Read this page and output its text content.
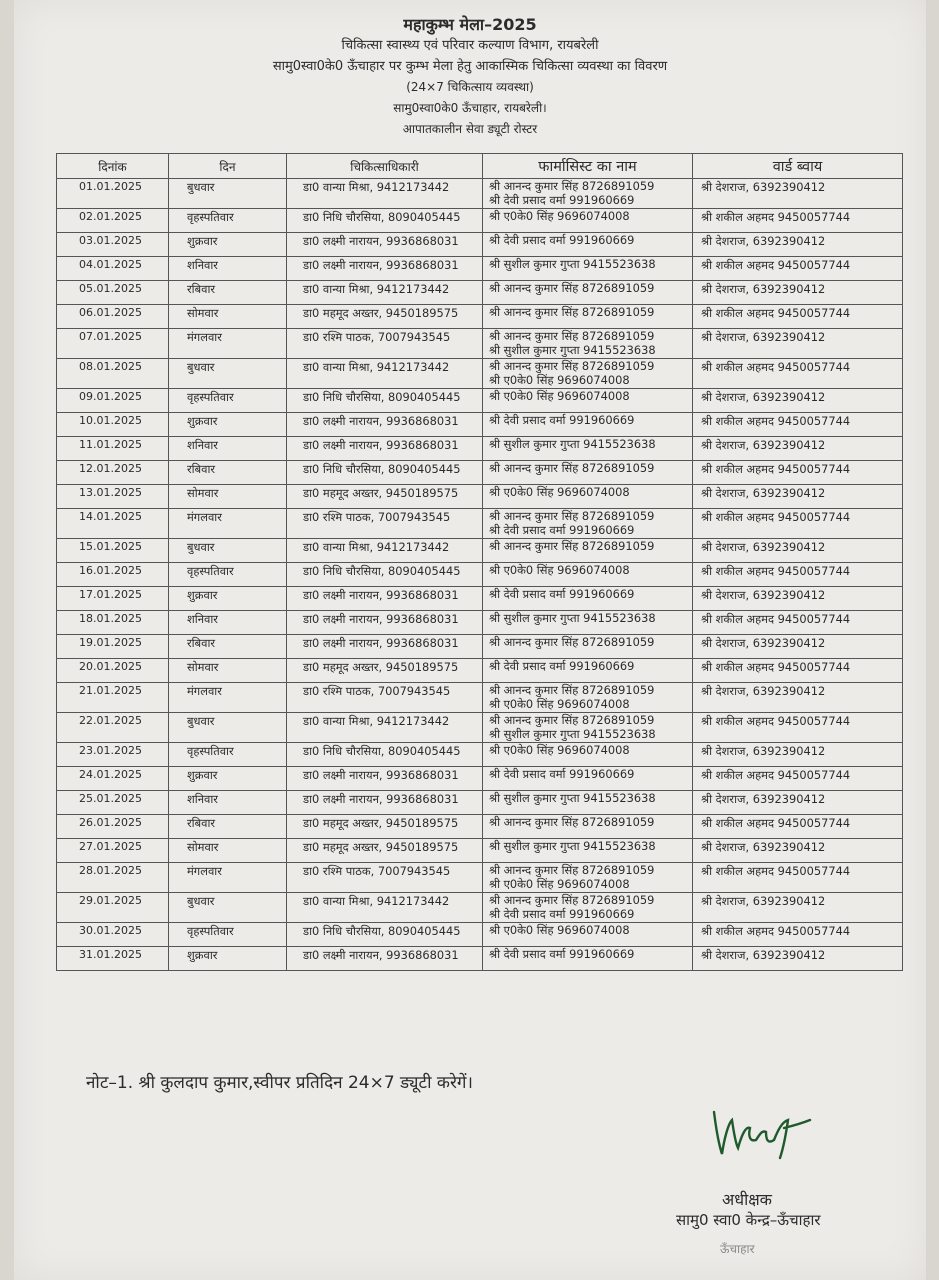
महाकुम्भ मेला–2025
चिकित्सा स्वास्थ्य एवं परिवार कल्याण विभाग, रायबरेली
सामु0स्वा0के0 ऊँचाहार पर कुम्भ मेला हेतु आकास्मिक चिकित्सा व्यवस्था का विवरण
(24×7 चिकित्साय व्यवस्था)
सामु0स्वा0के0 ऊँचाहार, रायबरेली।
आपातकालीन सेवा ड्यूटी रोस्टर
दिनांक	दिन	चिकित्साधिकारी	फार्मासिस्ट का नाम	वार्ड ब्वाय
01.01.2025	बुधवार	डा0 वान्या मिश्रा, 9412173442	श्री आनन्द कुमार सिंह 8726891059
श्री देवी प्रसाद वर्मा 991960669	श्री देशराज, 6392390412
02.01.2025	वृहस्पतिवार	डा0 निधि चौरसिया, 8090405445	श्री ए0के0 सिंह 9696074008	श्री शकील अहमद 9450057744
03.01.2025	शुक्रवार	डा0 लक्ष्मी नारायन, 9936868031	श्री देवी प्रसाद वर्मा 991960669	श्री देशराज, 6392390412
04.01.2025	शनिवार	डा0 लक्ष्मी नारायन, 9936868031	श्री सुशील कुमार गुप्ता 9415523638	श्री शकील अहमद 9450057744
05.01.2025	रबिवार	डा0 वान्या मिश्रा, 9412173442	श्री आनन्द कुमार सिंह 8726891059	श्री देशराज, 6392390412
06.01.2025	सोमवार	डा0 महमूद अख्तर, 9450189575	श्री आनन्द कुमार सिंह 8726891059	श्री शकील अहमद 9450057744
07.01.2025	मंगलवार	डा0 रश्मि पाठक, 7007943545	श्री आनन्द कुमार सिंह 8726891059
श्री सुशील कुमार गुप्ता 9415523638	श्री देशराज, 6392390412
08.01.2025	बुधवार	डा0 वान्या मिश्रा, 9412173442	श्री आनन्द कुमार सिंह 8726891059
श्री ए0के0 सिंह 9696074008	श्री शकील अहमद 9450057744
09.01.2025	वृहस्पतिवार	डा0 निधि चौरसिया, 8090405445	श्री ए0के0 सिंह 9696074008	श्री देशराज, 6392390412
10.01.2025	शुक्रवार	डा0 लक्ष्मी नारायन, 9936868031	श्री देवी प्रसाद वर्मा 991960669	श्री शकील अहमद 9450057744
11.01.2025	शनिवार	डा0 लक्ष्मी नारायन, 9936868031	श्री सुशील कुमार गुप्ता 9415523638	श्री देशराज, 6392390412
12.01.2025	रबिवार	डा0 निधि चौरसिया, 8090405445	श्री आनन्द कुमार सिंह 8726891059	श्री शकील अहमद 9450057744
13.01.2025	सोमवार	डा0 महमूद अख्तर, 9450189575	श्री ए0के0 सिंह 9696074008	श्री देशराज, 6392390412
14.01.2025	मंगलवार	डा0 रश्मि पाठक, 7007943545	श्री आनन्द कुमार सिंह 8726891059
श्री देवी प्रसाद वर्मा 991960669	श्री शकील अहमद 9450057744
15.01.2025	बुधवार	डा0 वान्या मिश्रा, 9412173442	श्री आनन्द कुमार सिंह 8726891059	श्री देशराज, 6392390412
16.01.2025	वृहस्पतिवार	डा0 निधि चौरसिया, 8090405445	श्री ए0के0 सिंह 9696074008	श्री शकील अहमद 9450057744
17.01.2025	शुक्रवार	डा0 लक्ष्मी नारायन, 9936868031	श्री देवी प्रसाद वर्मा 991960669	श्री देशराज, 6392390412
18.01.2025	शनिवार	डा0 लक्ष्मी नारायन, 9936868031	श्री सुशील कुमार गुप्ता 9415523638	श्री शकील अहमद 9450057744
19.01.2025	रबिवार	डा0 लक्ष्मी नारायन, 9936868031	श्री आनन्द कुमार सिंह 8726891059	श्री देशराज, 6392390412
20.01.2025	सोमवार	डा0 महमूद अख्तर, 9450189575	श्री देवी प्रसाद वर्मा 991960669	श्री शकील अहमद 9450057744
21.01.2025	मंगलवार	डा0 रश्मि पाठक, 7007943545	श्री आनन्द कुमार सिंह 8726891059
श्री ए0के0 सिंह 9696074008	श्री देशराज, 6392390412
22.01.2025	बुधवार	डा0 वान्या मिश्रा, 9412173442	श्री आनन्द कुमार सिंह 8726891059
श्री सुशील कुमार गुप्ता 9415523638	श्री शकील अहमद 9450057744
23.01.2025	वृहस्पतिवार	डा0 निधि चौरसिया, 8090405445	श्री ए0के0 सिंह 9696074008	श्री देशराज, 6392390412
24.01.2025	शुक्रवार	डा0 लक्ष्मी नारायन, 9936868031	श्री देवी प्रसाद वर्मा 991960669	श्री शकील अहमद 9450057744
25.01.2025	शनिवार	डा0 लक्ष्मी नारायन, 9936868031	श्री सुशील कुमार गुप्ता 9415523638	श्री देशराज, 6392390412
26.01.2025	रबिवार	डा0 महमूद अख्तर, 9450189575	श्री आनन्द कुमार सिंह 8726891059	श्री शकील अहमद 9450057744
27.01.2025	सोमवार	डा0 महमूद अख्तर, 9450189575	श्री सुशील कुमार गुप्ता 9415523638	श्री देशराज, 6392390412
28.01.2025	मंगलवार	डा0 रश्मि पाठक, 7007943545	श्री आनन्द कुमार सिंह 8726891059
श्री ए0के0 सिंह 9696074008	श्री शकील अहमद 9450057744
29.01.2025	बुधवार	डा0 वान्या मिश्रा, 9412173442	श्री आनन्द कुमार सिंह 8726891059
श्री देवी प्रसाद वर्मा 991960669	श्री देशराज, 6392390412
30.01.2025	वृहस्पतिवार	डा0 निधि चौरसिया, 8090405445	श्री ए0के0 सिंह 9696074008	श्री शकील अहमद 9450057744
31.01.2025	शुक्रवार	डा0 लक्ष्मी नारायन, 9936868031	श्री देवी प्रसाद वर्मा 991960669	श्री देशराज, 6392390412
नोट–1. श्री कुलदाप कुमार,स्वीपर प्रतिदिन 24×7 ड्यूटी करेगें।
अधीक्षक
सामु0 स्वा0 केन्द्र–ऊँचाहार
ऊँचाहार
